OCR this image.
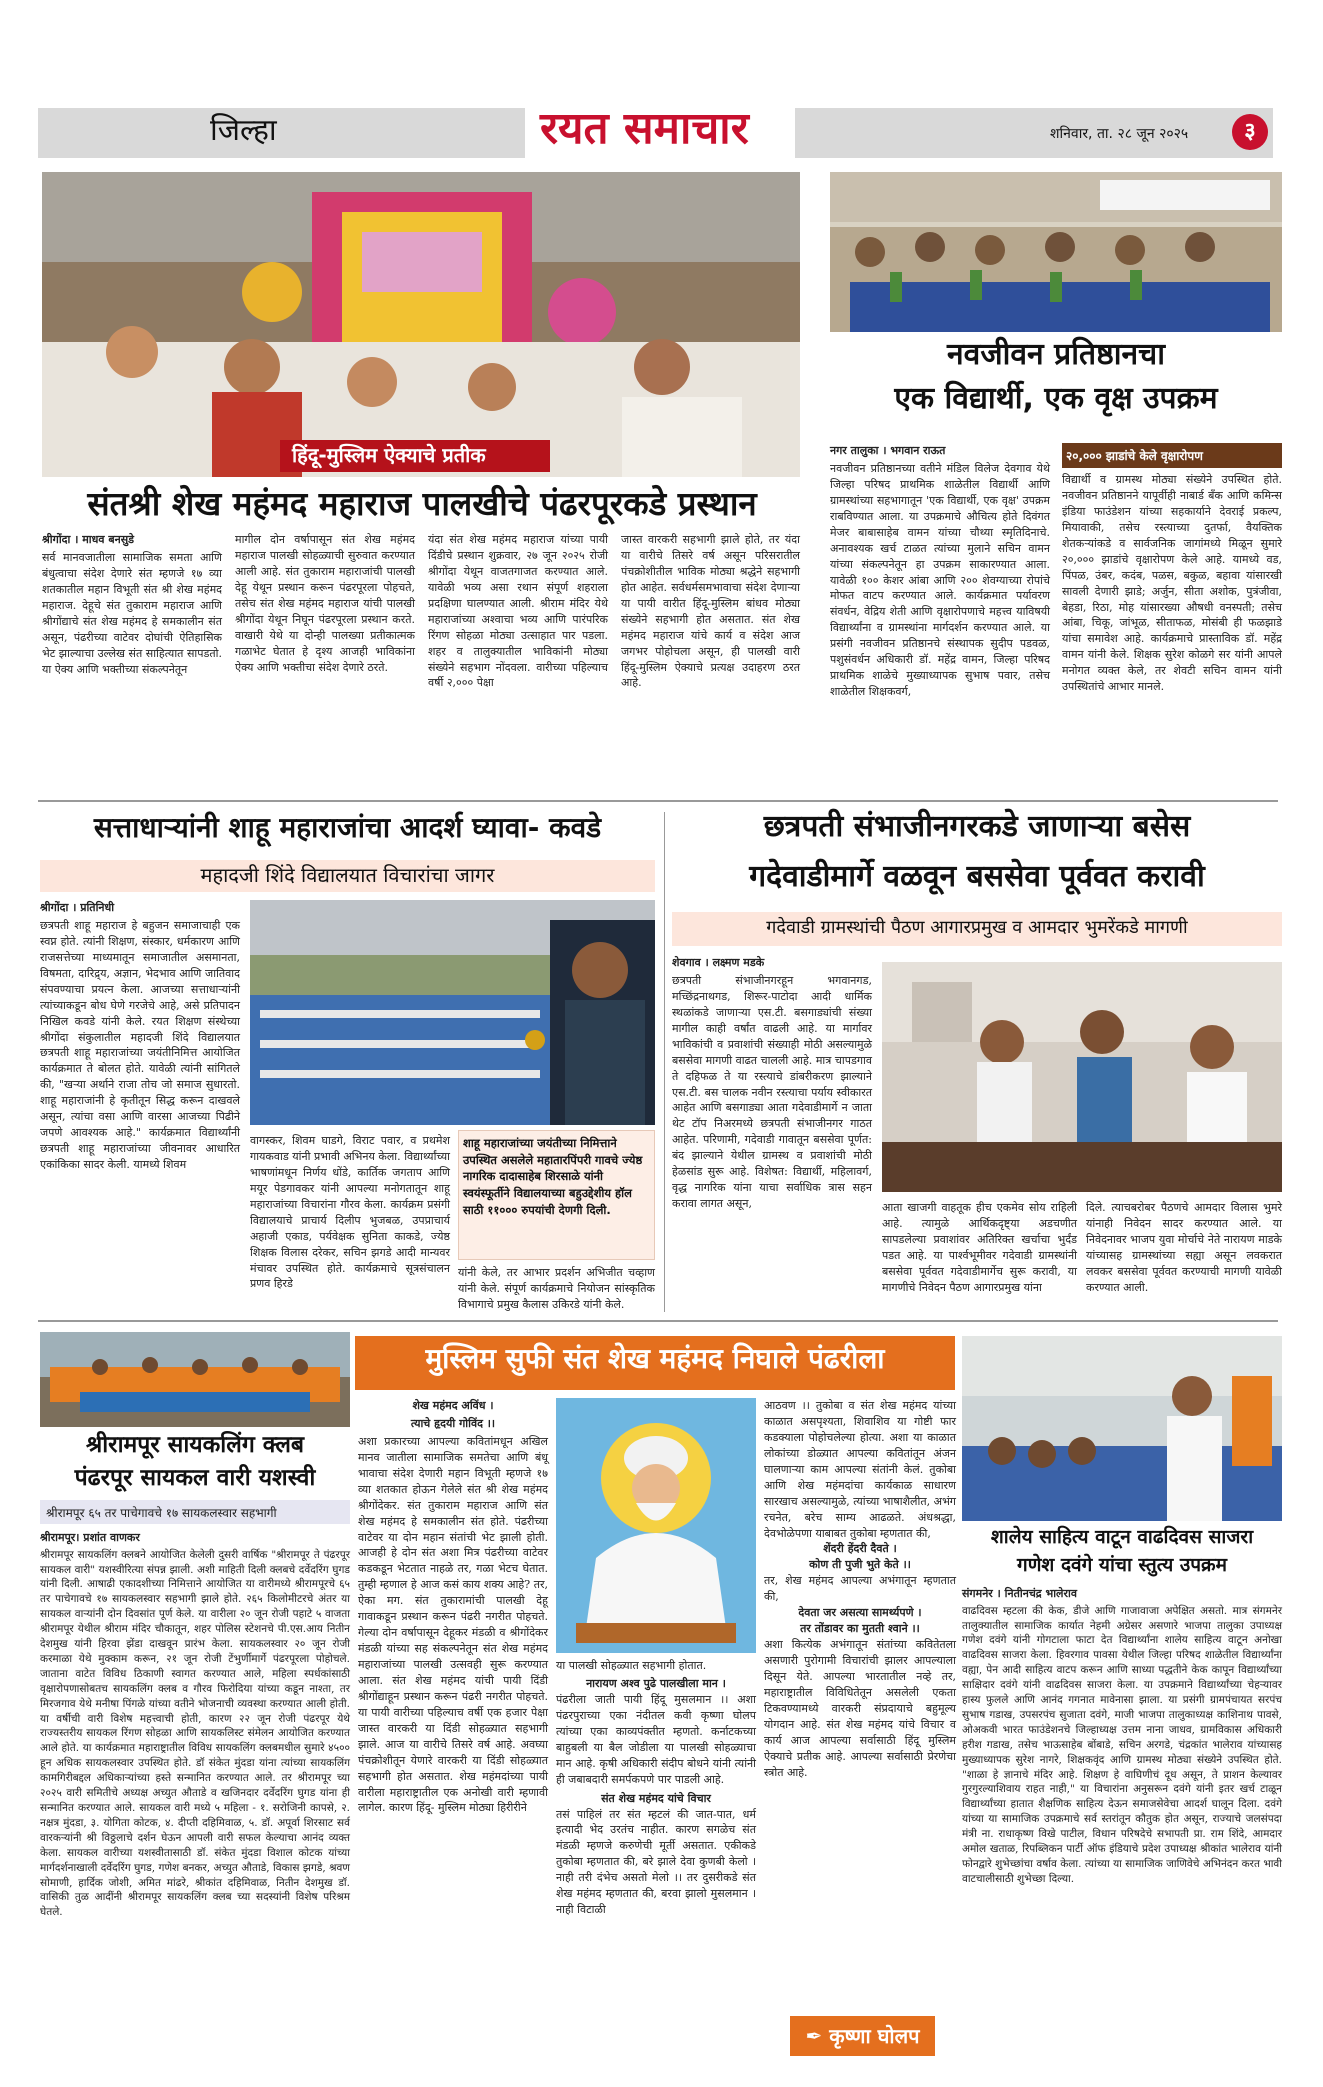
जिल्हा	रयत समाचार	शनिवार, ता. २८ जून २०२५	३
हिंदू-मुस्लिम ऐक्याचे प्रतीक
संतश्री शेख महंमद महाराज पालखीचे पंढरपूरकडे प्रस्थान
श्रीगोंदा । माधव बनसुडे
सर्व मानवजातीला सामाजिक समता आणि बंधुत्वाचा संदेश देणारे संत म्हणजे १७ व्या शतकातील महान विभूती संत श्री शेख महंमद महाराज. देहूचे संत तुकाराम महाराज आणि श्रीगोंद्याचे संत शेख महंमद हे समकालीन संत असून, पंढरीच्या वाटेवर दोघांची ऐतिहासिक भेट झाल्याचा उल्लेख संत साहित्यात सापडतो. या ऐक्य आणि भक्तीच्या संकल्पनेतून
मागील दोन वर्षापासून संत शेख महंमद महाराज पालखी सोहळ्याची सुरुवात करण्यात आली आहे. संत तुकाराम महाराजांची पालखी देहू येथून प्रस्थान करून पंढरपूरला पोहचते, तसेच संत शेख महंमद महाराज यांची पालखी श्रीगोंदा येथून निघून पंढरपूरला प्रस्थान करते. वाखारी येथे या दोन्ही पालख्या प्रतीकात्मक गळाभेट घेतात हे दृश्य आजही भाविकांना ऐक्य आणि भक्तीचा संदेश देणारे ठरते.
यंदा संत शेख महंमद महाराज यांच्या पायी दिंडीचे प्रस्थान शुक्रवार, २७ जून २०२५ रोजी श्रीगोंदा येथून वाजतगाजत करण्यात आले. यावेळी भव्य असा रथान संपूर्ण शहराला प्रदक्षिणा घालण्यात आली. श्रीराम मंदिर येथे महाराजांच्या अश्वाचा भव्य आणि पारंपरिक रिंगण सोहळा मोठ्या उत्साहात पार पडला. शहर व तालुक्यातील भाविकांनी मोठ्या संख्येने सहभाग नोंदवला. वारीच्या पहिल्याच वर्षी २,००० पेक्षा
जास्त वारकरी सहभागी झाले होते, तर यंदा या वारीचे तिसरे वर्ष असून परिसरातील पंचक्रोशीतील भाविक मोठ्या श्रद्धेने सहभागी होत आहेत. सर्वधर्मसमभावाचा संदेश देणाऱ्या या पायी वारीत हिंदू-मुस्लिम बांधव मोठ्या संख्येने सहभागी होत असतात. संत शेख महंमद महाराज यांचे कार्य व संदेश आज जगभर पोहोचला असून, ही पालखी वारी हिंदू-मुस्लिम ऐक्याचे प्रत्यक्ष उदाहरण ठरत आहे.
नवजीवन प्रतिष्ठानचा
एक विद्यार्थी, एक वृक्ष उपक्रम
नगर तालुका । भगवान राऊत
नवजीवन प्रतिष्ठानच्या वतीने मंडिल विलेज देवगाव येथे जिल्हा परिषद प्राथमिक शाळेतील विद्यार्थी आणि ग्रामस्थांच्या सहभागातून 'एक विद्यार्थी, एक वृक्ष' उपक्रम राबविण्यात आला. या उपक्रमाचे औचित्य होते दिवंगत मेजर बाबासाहेब वामन यांच्या चौथ्या स्मृतिदिनाचे. अनावश्यक खर्च टाळत त्यांच्या मुलाने सचिन वामन यांच्या संकल्पनेतून हा उपक्रम साकारण्यात आला. यावेळी १०० केशर आंबा आणि २०० शेवग्याच्या रोपांचे मोफत वाटप करण्यात आले. कार्यक्रमात पर्यावरण संवर्धन, वेद्रिय शेती आणि वृक्षारोपणाचे महत्त्व याविषयी विद्यार्थ्यांना व ग्रामस्थांना मार्गदर्शन करण्यात आले. या प्रसंगी नवजीवन प्रतिष्ठानचे संस्थापक सुदीप पडवळ, पशुसंवर्धन अधिकारी डॉ. महेंद्र वामन, जिल्हा परिषद प्राथमिक शाळेचे मुख्याध्यापक सुभाष पवार, तसेच शाळेतील शिक्षकवर्ग,
२०,००० झाडांचे केले वृक्षारोपण
विद्यार्थी व ग्रामस्थ मोठ्या संख्येने उपस्थित होते. नवजीवन प्रतिष्ठानने यापूर्वीही नाबार्ड बँक आणि कमिन्स इंडिया फाउंडेशन यांच्या सहकार्याने देवराई प्रकल्प, मियावाकी, तसेच रस्त्याच्या दुतर्फा, वैयक्तिक शेतकऱ्यांकडे व सार्वजनिक जागांमध्ये मिळून सुमारे २०,००० झाडांचे वृक्षारोपण केले आहे. यामध्ये वड, पिंपळ, उंबर, कदंब, पळस, बकुळ, बहावा यांसारखी सावली देणारी झाडे; अर्जुन, सीता अशोक, पुत्रंजीवा, बेहडा, रिठा, मोह यांसारख्या औषधी वनस्पती; तसेच आंबा, चिकू, जांभूळ, सीताफळ, मोसंबी ही फळझाडे यांचा समावेश आहे. कार्यक्रमाचे प्रास्ताविक डॉ. महेंद्र वामन यांनी केले. शिक्षक सुरेश कोळगे सर यांनी आपले मनोगत व्यक्त केले, तर शेवटी सचिन वामन यांनी उपस्थितांचे आभार मानले.
सत्ताधाऱ्यांनी शाहू महाराजांचा आदर्श घ्यावा- कवडे
महादजी शिंदे विद्यालयात विचारांचा जागर
श्रीगोंदा । प्रतिनिधी
छत्रपती शाहू महाराज हे बहुजन समाजाचाही एक स्वप्न होते. त्यांनी शिक्षण, संस्कार, धर्मकारण आणि राजसत्तेच्या माध्यमातून समाजातील असमानता, विषमता, दारिद्र्य, अज्ञान, भेदभाव आणि जातिवाद संपवण्याचा प्रयत्न केला. आजच्या सत्ताधाऱ्यांनी त्यांच्याकडून बोध घेणे गरजेचे आहे, असे प्रतिपादन निखिल कवडे यांनी केले. रयत शिक्षण संस्थेच्या श्रीगोंदा संकुलातील महादजी शिंदे विद्यालयात छत्रपती शाहू महाराजांच्या जयंतीनिमित्त आयोजित कार्यक्रमात ते बोलत होते. यावेळी त्यांनी सांगितले की, "खऱ्या अर्थाने राजा तोच जो समाज सुधारतो. शाहू महाराजांनी हे कृतीतून सिद्ध करून दाखवले असून, त्यांचा वसा आणि वारसा आजच्या पिढीने जपणे आवश्यक आहे." कार्यक्रमात विद्यार्थ्यांनी छत्रपती शाहू महाराजांच्या जीवनावर आधारित एकांकिका सादर केली. यामध्ये शिवम
वागस्कर, शिवम घाडगे, विराट पवार, व प्रथमेश गायकवाड यांनी प्रभावी अभिनय केला. विद्यार्थ्यांच्या भाषणांमधून निर्णय धोंडे, कार्तिक जगताप आणि मयूर पेडगावकर यांनी आपल्या मनोगतातून शाहू महाराजांच्या विचारांना गौरव केला. कार्यक्रम प्रसंगी विद्यालयाचे प्राचार्य दिलीप भुजबळ, उपप्राचार्य अहाजी एकाड, पर्यवेक्षक सुनिता काकडे, ज्येष्ठ शिक्षक विलास दरेकर, सचिन झगडे आदी मान्यवर मंचावर उपस्थित होते. कार्यक्रमाचे सूत्रसंचालन प्रणव हिरडे
शाहू महाराजांच्या जयंतीच्या निमित्ताने उपस्थित असलेले महातारपिंपरी गावचे ज्येष्ठ नागरिक दादासाहेब शिरसाळे यांनी स्वयंस्फूर्तीने विद्यालयाच्या बहुउद्देशीय हॉल साठी ११००० रुपयांची देणगी दिली.
यांनी केले, तर आभार प्रदर्शन अभिजीत चव्हाण यांनी केले. संपूर्ण कार्यक्रमाचे नियोजन सांस्कृतिक विभागाचे प्रमुख कैलास उकिरडे यांनी केले.
छत्रपती संभाजीनगरकडे जाणाऱ्या बसेस
गदेवाडीमार्गे वळवून बससेवा पूर्ववत करावी
गदेवाडी ग्रामस्थांची पैठण आगारप्रमुख व आमदार भुमरेंकडे मागणी
शेवगाव । लक्ष्मण मडके
छत्रपती संभाजीनगरहून भगवानगड, मच्छिंद्रनाथगड, शिरूर-पाटोदा आदी धार्मिक स्थळांकडे जाणाऱ्या एस.टी. बसगाड्यांची संख्या मागील काही वर्षांत वाढली आहे. या मार्गावर भाविकांची व प्रवाशांची संख्याही मोठी असल्यामुळे बससेवा मागणी वाढत चालली आहे. मात्र चापडगाव ते दहिफळ ते या रस्त्याचे डांबरीकरण झाल्याने एस.टी. बस चालक नवीन रस्त्याचा पर्याय स्वीकारत आहेत आणि बसगाड्या आता गदेवाडीमार्गे न जाता थेट टॉप निअरमध्ये छत्रपती संभाजीनगर गाठत आहेत. परिणामी, गदेवाडी गावातून बससेवा पूर्णत: बंद झाल्याने येथील ग्रामस्थ व प्रवाशांची मोठी हेळसांड सुरू आहे. विशेषत: विद्यार्थी, महिलावर्ग, वृद्ध नागरिक यांना याचा सर्वाधिक त्रास सहन करावा लागत असून,	आता खाजगी वाहतूक हीच एकमेव सोय राहिली आहे. त्यामुळे आर्थिकदृष्ट्या अडचणीत सापडलेल्या प्रवाशांवर अतिरिक्त खर्चाचा भुर्दंड पडत आहे. या पार्श्वभूमीवर गदेवाडी ग्रामस्थांनी बससेवा पूर्ववत गदेवाडीमार्गेच सुरू करावी, या मागणीचे निवेदन पैठण आगारप्रमुख यांना
दिले. त्याचबरोबर पैठणचे आमदार विलास भुमरे यांनाही निवेदन सादर करण्यात आले. या निवेदनावर भाजप युवा मोर्चाचे नेते नारायण माडके यांच्यासह ग्रामस्थांच्या सह्या असून लवकरात लवकर बससेवा पूर्ववत करण्याची मागणी यावेळी करण्यात आली.
श्रीरामपूर सायकलिंग क्लब
पंढरपूर सायकल वारी यशस्वी
श्रीरामपूर ६५ तर पाचेगावचे १७ सायकलस्वार सहभागी
श्रीरामपूर। प्रशांत वाणकर
श्रीरामपूर सायकलिंग क्लबने आयोजित केलेली दुसरी वार्षिक "श्रीरामपूर ते पंढरपूर सायकल वारी" यशस्वीरित्या संपन्न झाली. अशी माहिती दिली क्लबचे दर्वेदरिंग घुगड यांनी दिली. आषाढी एकादशीच्या निमित्ताने आयोजित या वारीमध्ये श्रीरामपूरचे ६५ तर पाचेगावचे १७ सायकलस्वार सहभागी झाले होते. २६५ किलोमीटरचे अंतर या सायकल वाऱ्यांनी दोन दिवसांत पूर्ण केले. या वारीला २० जून रोजी पहाटे ५ वाजता श्रीरामपूर येथील श्रीराम मंदिर चौकातून, शहर पोलिस स्टेशनचे पी.एस.आय नितीन देशमुख यांनी हिरवा झेंडा दाखवून प्रारंभ केला. सायकलस्वार २० जून रोजी करमाळा येथे मुक्काम करून, २१ जून रोजी टेंभुर्णीमार्गे पंढरपूरला पोहोचले. जाताना वाटेत विविध ठिकाणी स्वागत करण्यात आले, महिला स्पर्धकांसाठी वृक्षारोपणासोबतच सायकलिंग क्लब व गौरव फिरोदिया यांच्या कडून नाश्ता, तर मिरजगाव येथे मनीषा पिंगळे यांच्या वतीने भोजनाची व्यवस्था करण्यात आली होती. या वर्षीची वारी विशेष महत्त्वाची होती, कारण २२ जून रोजी पंढरपूर येथे राज्यस्तरीय सायकल रिंगण सोहळा आणि सायकलिस्ट संमेलन आयोजित करण्यात आले होते. या कार्यक्रमात महाराष्ट्रातील विविध सायकलिंग क्लबमधील सुमारे ४५०० हून अधिक सायकलस्वार उपस्थित होते. डॉ संकेत मुंदडा यांना त्यांच्या सायकलिंग कामगिरीबद्दल अधिकाऱ्यांच्या हस्ते सन्मानित करण्यात आले. तर श्रीरामपूर च्या २०२५ वारी समितीचे अध्यक्ष अच्युत औताडे व खजिनदार दर्वेदरिंग घुगड यांना ही सन्मानित करण्यात आले. सायकल वारी मध्ये ५ महिला - १. सरोजिनी कापसे, २. नक्षत्र मुंदडा, ३. योगिता कोटक, ४. दीप्ती दहिमिवाळ, ५. डॉ. अपूर्वा शिरसाट सर्व वारकऱ्यांनी श्री विठ्ठलाचे दर्शन घेऊन आपली वारी सफल केल्याचा आनंद व्यक्त केला. सायकल वारीच्या यशस्वीतासाठी डॉ. संकेत मुंदडा विशाल कोटक यांच्या मार्गदर्शनाखाली दर्वेदरिंग घुगड, गणेश बनकर, अच्युत औताडे, विकास झगडे, श्रवण सोमाणी, हार्दिक जोशी, अमित मांढरे, श्रीकांत दहिमिवाळ, नितीन देशमुख डॉ. वासिकी तुळ आदींनी श्रीरामपूर सायकलिंग क्लब च्या सदस्यांनी विशेष परिश्रम घेतले.
मुस्लिम सुफी संत शेख महंमद निघाले पंढरीला
शेख महंमद अविंध ।
त्याचे हृदयी गोविंद ।।
अशा प्रकारच्या आपल्या कवितांमधून अखिल मानव जातीला सामाजिक समतेचा आणि बंधू भावाचा संदेश देणारी महान विभूती म्हणजे १७ व्या शतकात होऊन गेलेले संत श्री शेख महंमद श्रीगोंदेकर. संत तुकाराम महाराज आणि संत शेख महंमद हे समकालीन संत होते. पंढरीच्या वाटेवर या दोन महान संतांची भेट झाली होती. आजही हे दोन संत अशा मित्र पंढरीच्या वाटेवर कडकडून भेटतात नाहळे तर, गळा भेटच घेतात. तुम्ही म्हणाल हे आज कसं काय शक्य आहे? तर, ऐका मग. संत तुकारामांची पालखी देहू गावाकडून प्रस्थान करून पंढरी नगरीत पोहचते. गेल्या दोन वर्षापासून देहूकर मंडळी व श्रीगोंदेकर मंडळी यांच्या सह संकल्पनेतून संत शेख महंमद महाराजांच्या पालखी उत्सवही सुरू करण्यात आला. संत शेख महंमद यांची पायी दिंडी श्रीगोंद्याहून प्रस्थान करून पंढरी नगरीत पोहचते. या पायी वारीच्या पहिल्याच वर्षी एक हजार पेक्षा जास्त वारकरी या दिंडी सोहळ्यात सहभागी झाले. आज या वारीचे तिसरे वर्ष आहे. अवघ्या पंचक्रोशीतून येणारे वारकरी या दिंडी सोहळ्यात सहभागी होत असतात. शेख महंमदांच्या पायी वारीला महाराष्ट्रातील एक अनोखी वारी म्हणावी लागेल. कारण हिंदू- मुस्लिम मोठ्या हिरीरीने
या पालखी सोहळ्यात सहभागी होतात.
नारायण अश्व पुढे पालखीला मान ।
पंढरीला जाती पायी हिंदू मुसलमान ।। अशा पंढरपुराच्या एका नंदीतल कवी कृष्णा घोलप त्यांच्या एका काव्यपंक्तीत म्हणतो. कर्नाटकच्या बाहुबली या बैल जोडीला या पालखी सोहळ्याचा मान आहे. कृषी अधिकारी संदीप बोधने यांनी त्यांनी ही जबाबदारी समर्पकपणे पार पाडली आहे.
संत शेख महंमद यांचे विचार
तसं पाहिलं तर संत म्हटलं की जात-पात, धर्म इत्यादी भेद उरतंच नाहीत. कारण सगळेच संत मंडळी म्हणजे करुणेची मूर्ती असतात. एकीकडे तुकोबा म्हणतात की, बरे झाले देवा कुणबी केलो । नाही तरी दंभेच असतो मेलो ।। तर दुसरीकडे संत शेख महंमद म्हणतात की, बरवा झालो मुसलमान । नाही विटाळी
आठवण ।। तुकोबा व संत शेख महंमद यांच्या काळात असपृश्यता, शिवाशिव या गोष्टी फार कडक्याला पोहोचलेल्या होत्या. अशा या काळात लोकांच्या डोळ्यात आपल्या कवितांतून अंजन घालणाऱ्या काम आपल्या संतांनी केलं. तुकोबा आणि शेख महंमदांचा कार्यकाळ साधारण सारखाच असल्यामुळे, त्यांच्या भाषाशैलीत, अभंग रचनेत, बरेच साम्य आढळते. अंधश्रद्धा, देवभोळेपणा याबाबत तुकोबा म्हणतात की,
शेंदरी हेंदरी दैवते ।
कोण ती पुजी भुते केते ।।
तर, शेख महंमद आपल्या अभंगातून म्हणतात की,
देवता जर असत्या सामर्थ्यपणे ।
तर तोंडावर का मुतती श्वाने ।।
अशा कित्येक अभंगातून संतांच्या कवितेतला असणारी पुरोगामी विचारांची झालर आपल्याला दिसून येते. आपल्या भारतातील नव्हे तर, महाराष्ट्रातील विविधितेतून असलेली एकता टिकवण्यामध्ये वारकरी संप्रदायाचे बहुमूल्य योगदान आहे. संत शेख महंमद यांचे विचार व कार्य आज आपल्या सर्वासाठी हिंदू मुस्लिम ऐक्याचे प्रतीक आहे. आपल्या सर्वासाठी प्रेरणेचा स्त्रोत आहे.
✒ कृष्णा घोलप
शालेय साहित्य वाटून वाढदिवस साजरा
गणेश दवंगे यांचा स्तुत्य उपक्रम
संगमनेर । नितीनचंद्र भालेराव
वाढदिवस म्हटला की केक, डीजे आणि गाजावाजा अपेक्षित असतो. मात्र संगमनेर तालुक्यातील सामाजिक कार्यात नेहमी अग्रेसर असणारे भाजपा तालुका उपाध्यक्ष गणेश दवंगे यांनी गोगटाला फाटा देत विद्यार्थ्यांना शालेय साहित्य वाटून अनोखा वाढदिवस साजरा केला. हिवरगाव पावसा येथील जिल्हा परिषद शाळेतील विद्यार्थ्यांना वह्या, पेन आदी साहित्य वाटप करून आणि साध्या पद्धतीने केक कापून विद्यार्थ्यांच्या साक्षिदार दवंगे यांनी वाढदिवस साजरा केला. या उपक्रमाने विद्यार्थ्यांच्या चेहऱ्यावर हास्य फुलले आणि आनंद गगनात मावेनासा झाला. या प्रसंगी ग्रामपंचायत सरपंच सुभाष गडाख, उपसरपंच सुजाता दवंगे, माजी भाजपा तालुकाध्यक्ष काशिनाथ पावसे, ओअकवी भारत फाउंडेशनचे जिल्हाध्यक्ष उत्तम नाना जाधव, ग्रामविकास अधिकारी हरीश गडाख, तसेच भाऊसाहेब बोंबाडे, सचिन अरगडे, चंद्रकांत भालेराव यांच्यासह मुख्याध्यापक सुरेश नागरे, शिक्षकवृंद आणि ग्रामस्थ मोठ्या संख्येने उपस्थित होते. "शाळा हे ज्ञानाचे मंदिर आहे. शिक्षण हे वाघिणीचं दूध असून, ते प्राशन केल्यावर गुरगुरल्याशिवाय राहत नाही," या विचारांना अनुसरून दवंगे यांनी इतर खर्च टाळून विद्यार्थ्यांच्या हातात शैक्षणिक साहित्य देऊन समाजसेवेचा आदर्श घालून दिला. दवंगे यांच्या या सामाजिक उपक्रमाचे सर्व स्तरांतून कौतुक होत असून, राज्याचे जलसंपदा मंत्री ना. राधाकृष्ण विखे पाटील, विधान परिषदेचे सभापती प्रा. राम शिंदे, आमदार अमोल खताळ, रिपब्लिकन पार्टी ऑफ इंडियाचे प्रदेश उपाध्यक्ष श्रीकांत भालेराव यांनी फोनद्वारे शुभेच्छांचा वर्षाव केला. त्यांच्या या सामाजिक जाणिवेचे अभिनंदन करत भावी वाटचालीसाठी शुभेच्छा दिल्या.
